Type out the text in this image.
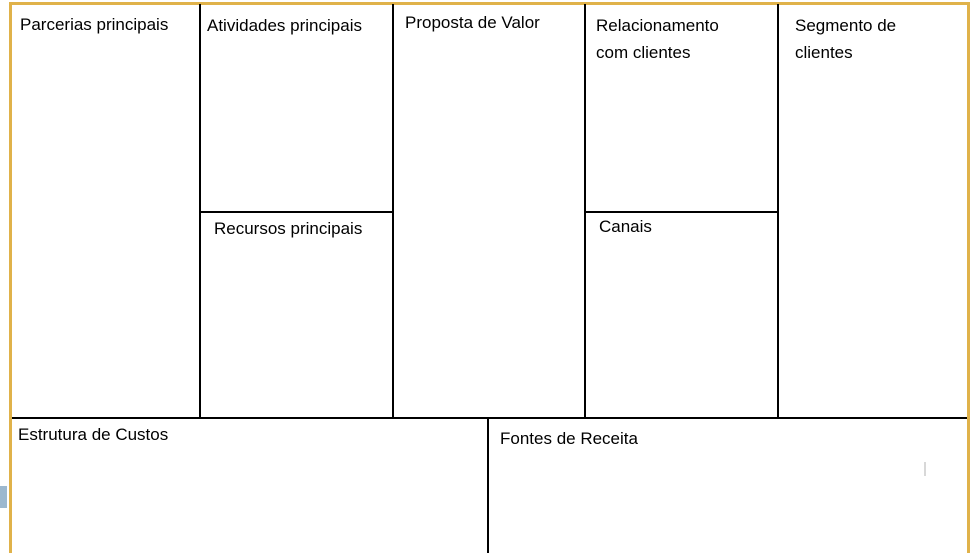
Parcerias principais Atividades principais
Recursos principais
Proposta de Valor	Relacionamento
com clientes
Canais
Segmento de
clientes
Estrutura de Custos	Fontes de Receita
